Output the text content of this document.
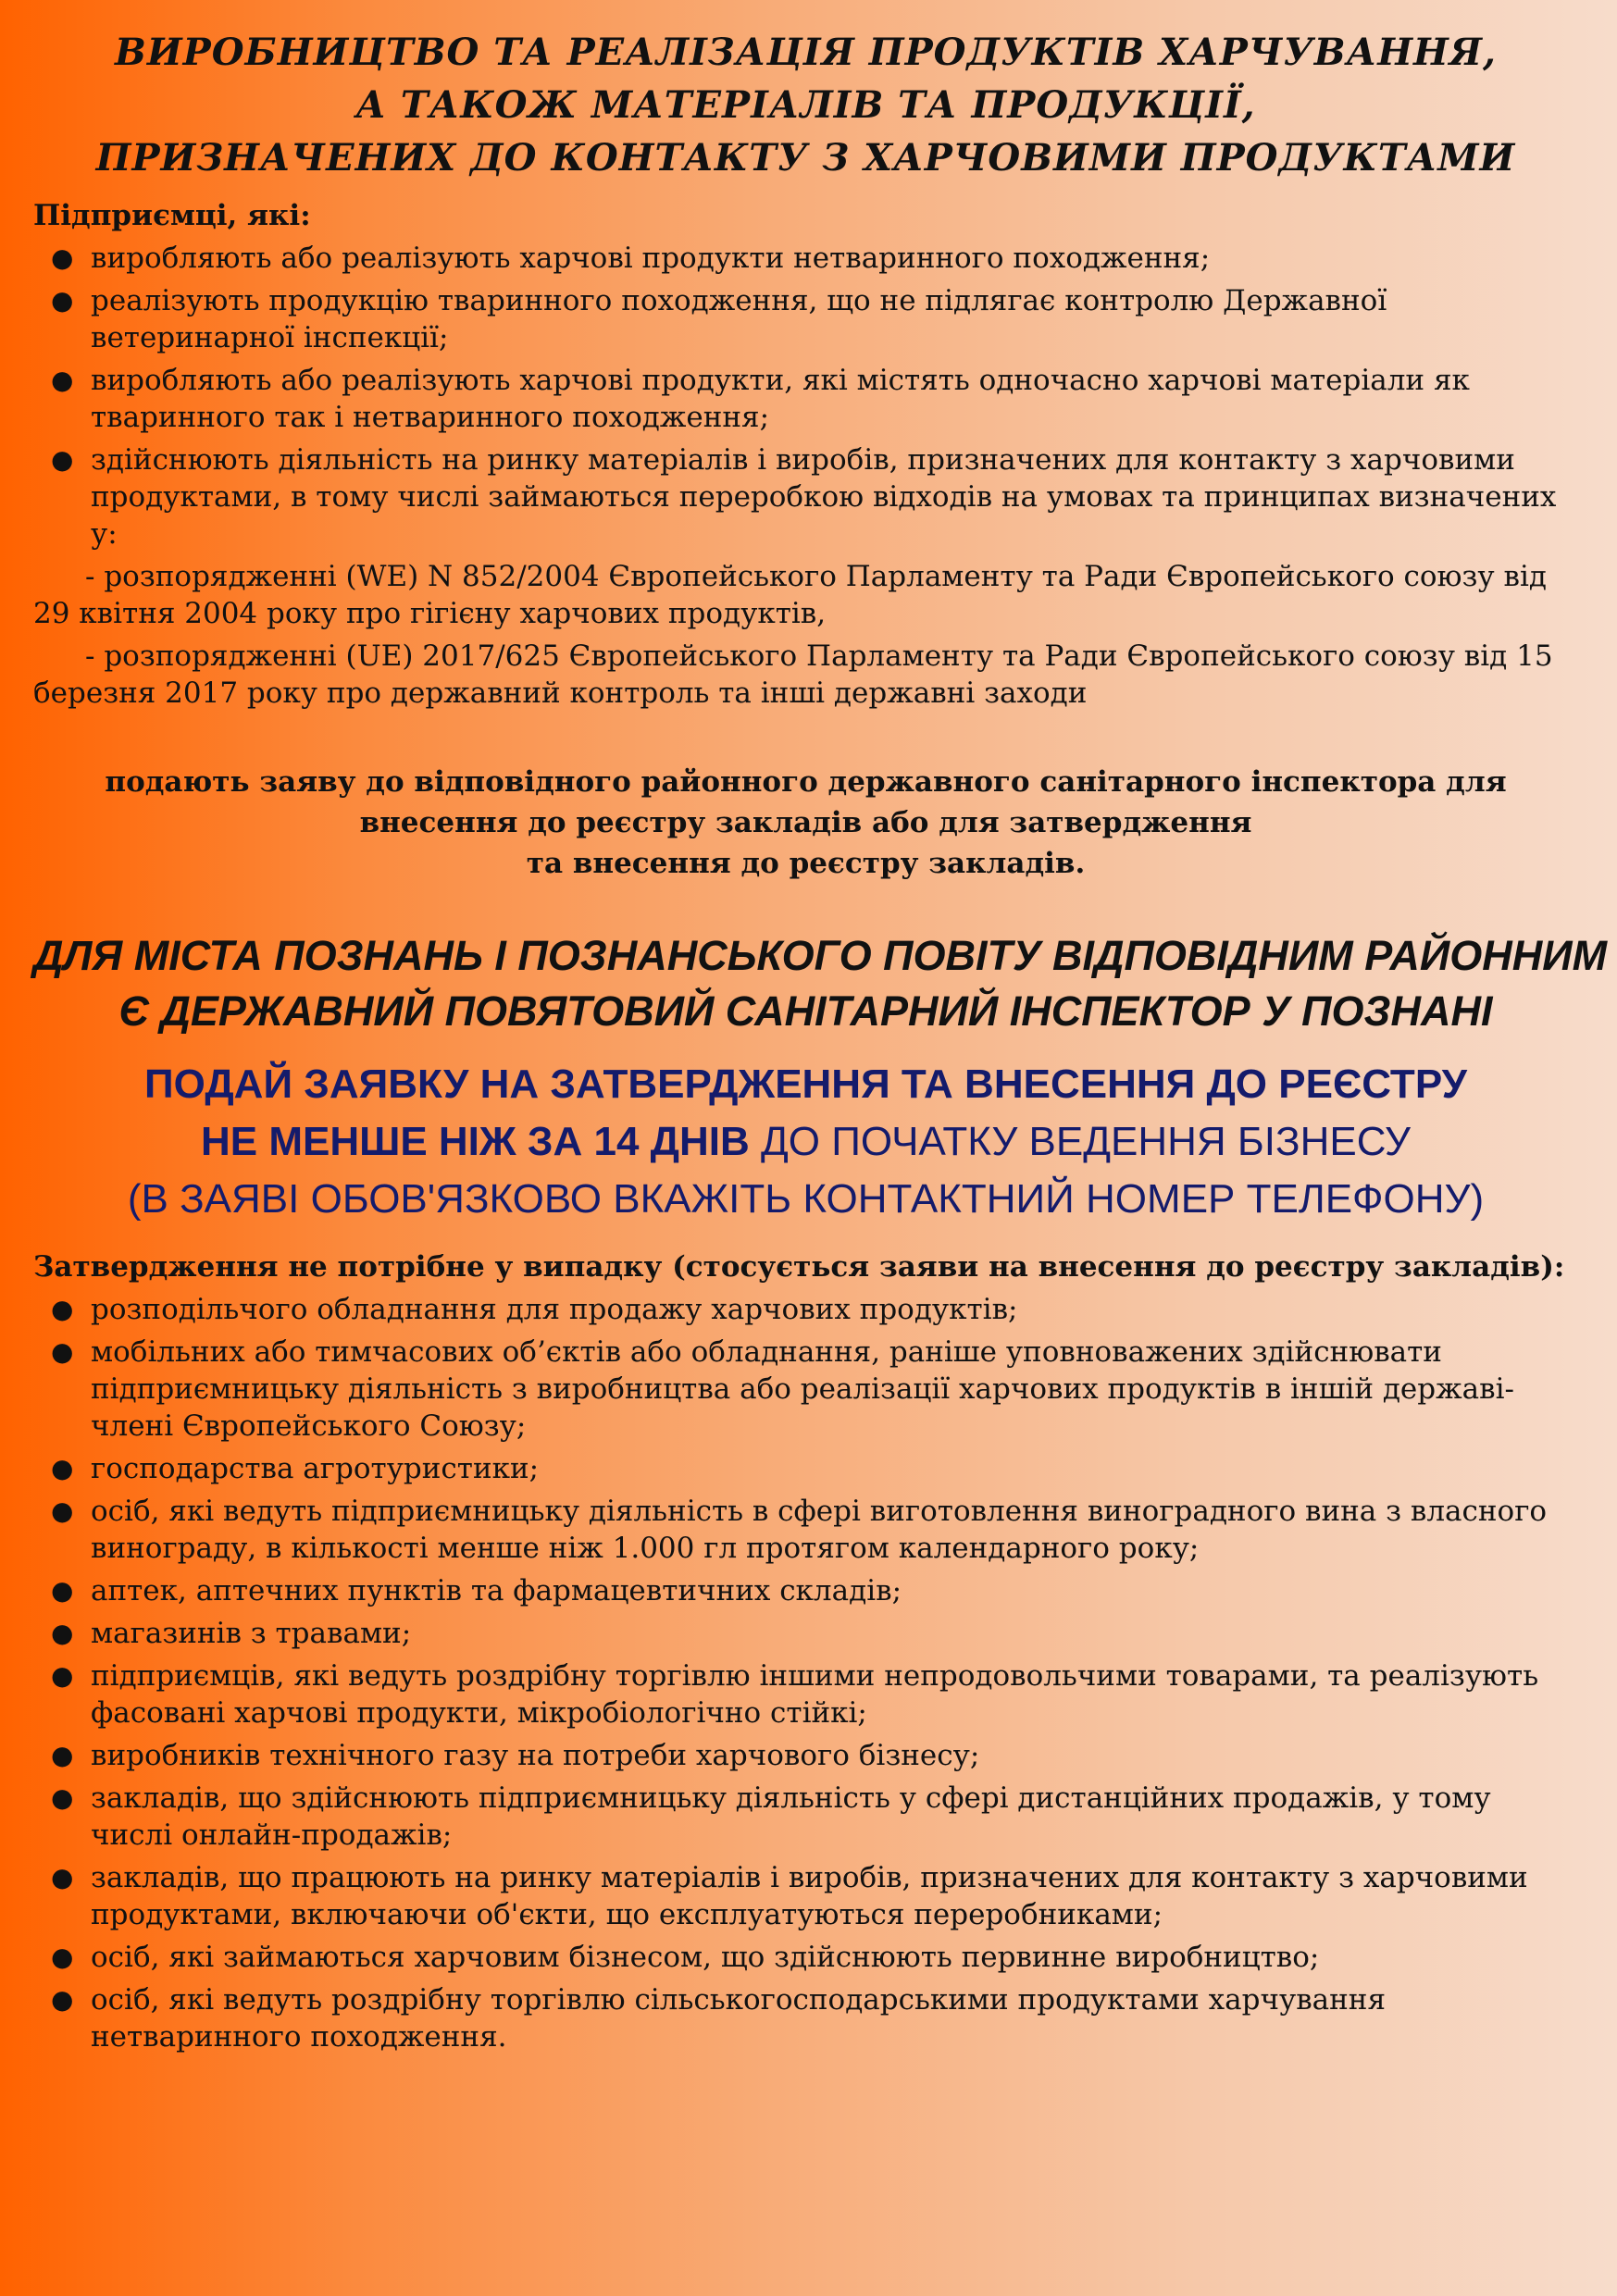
ВИРОБНИЦТВО ТА РЕАЛІЗАЦІЯ ПРОДУКТІВ ХАРЧУВАННЯ,
А ТАКОЖ МАТЕРІАЛІВ ТА ПРОДУКЦІЇ,
ПРИЗНАЧЕНИХ ДО КОНТАКТУ З ХАРЧОВИМИ ПРОДУКТАМИ

Підприємці, які:

● виробляють або реалізують харчові продукти нетваринного походження;
● реалізують продукцію тваринного походження, що не підлягає контролю Державної ветеринарної інспекції;
● виробляють або реалізують харчові продукти, які містять одночасно харчові матеріали як тваринного так і нетваринного походження;
● здійснюють діяльність на ринку матеріалів і виробів, призначених для контакту з харчовими продуктами, в тому числі займаються переробкою відходів на умовах та принципах визначених у:

- розпорядженні (WE) N 852/2004 Європейського Парламенту та Ради Європейського союзу від 29 квітня 2004 року про гігієну харчових продуктів,

- розпорядженні (UE) 2017/625 Європейського Парламенту та Ради Європейського союзу від 15 березня 2017 року про державний контроль та інші державні заходи

подають заяву до відповідного районного державного санітарного інспектора для
внесення до реєстру закладів або для затвердження
та внесення до реєстру закладів.
ДЛЯ МІСТА ПОЗНАНЬ І ПОЗНАНСЬКОГО ПОВІТУ ВІДПОВІДНИМ РАЙОННИМ
Є ДЕРЖАВНИЙ ПОВЯТОВИЙ САНІТАРНИЙ ІНСПЕКТОР У ПОЗНАНІ
ПОДАЙ ЗАЯВКУ НА ЗАТВЕРДЖЕННЯ ТА ВНЕСЕННЯ ДО РЕЄСТРУ
НЕ МЕНШЕ НІЖ ЗА 14 ДНІВ ДО ПОЧАТКУ ВЕДЕННЯ БІЗНЕСУ
(В ЗАЯВІ ОБОВ'ЯЗКОВО ВКАЖІТЬ КОНТАКТНИЙ НОМЕР ТЕЛЕФОНУ)

Затвердження не потрібне у випадку (стосується заяви на внесення до реєстру закладів):

● розподільчого обладнання для продажу харчових продуктів;
● мобільних або тимчасових об’єктів або обладнання, раніше уповноважених здійснювати підприємницьку діяльність з виробництва або реалізації харчових продуктів в іншій державі-члені Європейського Союзу;
● господарства агротуристики;
● осіб, які ведуть підприємницьку діяльність в сфері виготовлення виноградного вина з власного винограду, в кількості менше ніж 1.000 гл протягом календарного року;
● аптек, аптечних пунктів та фармацевтичних складів;
● магазинів з травами;
● підприємців, які ведуть роздрібну торгівлю іншими непродовольчими товарами, та реалізують фасовані харчові продукти, мікробіологічно стійкі;
● виробників технічного газу на потреби харчового бізнесу;
● закладів, що здійснюють підприємницьку діяльність у сфері дистанційних продажів, у тому числі онлайн-продажів;
● закладів, що працюють на ринку матеріалів і виробів, призначених для контакту з харчовими продуктами, включаючи об'єкти, що експлуатуються переробниками;
● осіб, які займаються харчовим бізнесом, що здійснюють первинне виробництво;
● осіб, які ведуть роздрібну торгівлю сільськогосподарськими продуктами харчування нетваринного походження.
